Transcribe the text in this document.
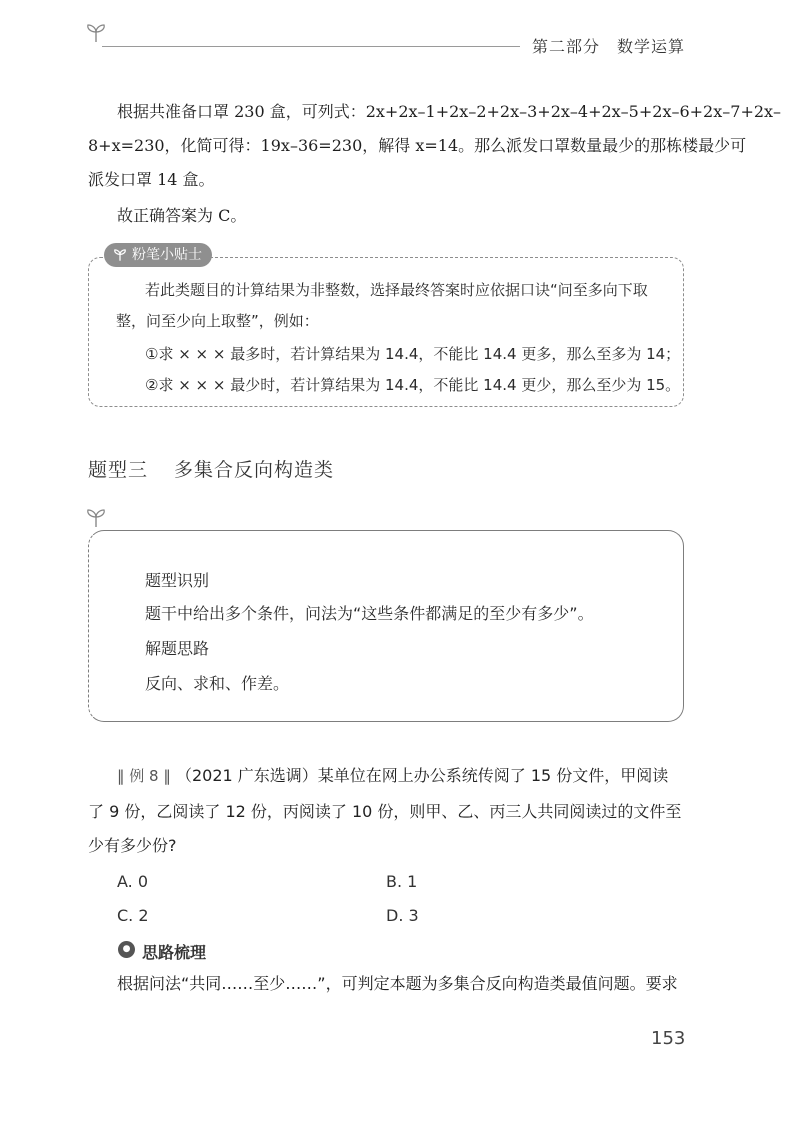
第二部分　数学运算
根据共准备口罩 230 盒，可列式：2x+2x–1+2x–2+2x–3+2x–4+2x–5+2x–6+2x–7+2x–
8+x=230，化简可得：19x–36=230，解得 x=14。那么派发口罩数量最少的那栋楼最少可
派发口罩 14 盒。
故正确答案为 C。
粉笔小贴士
若此类题目的计算结果为非整数，选择最终答案时应依据口诀“问至多向下取
整，问至少向上取整”，例如：
①求 × × × 最多时，若计算结果为 14.4，不能比 14.4 更多，那么至多为 14；
②求 × × × 最少时，若计算结果为 14.4，不能比 14.4 更少，那么至少为 15。
题型三 多集合反向构造类
题型识别
题干中给出多个条件，问法为“这些条件都满足的至少有多少”。
解题思路
反向、求和、作差。
‖ 例 8 ‖ （2021 广东选调）某单位在网上办公系统传阅了 15 份文件，甲阅读
了 9 份，乙阅读了 12 份，丙阅读了 10 份，则甲、乙、丙三人共同阅读过的文件至
少有多少份?
A. 0	B. 1
C. 2	D. 3
● 思路梳理
根据问法“共同……至少……”，可判定本题为多集合反向构造类最值问题。要求
153
